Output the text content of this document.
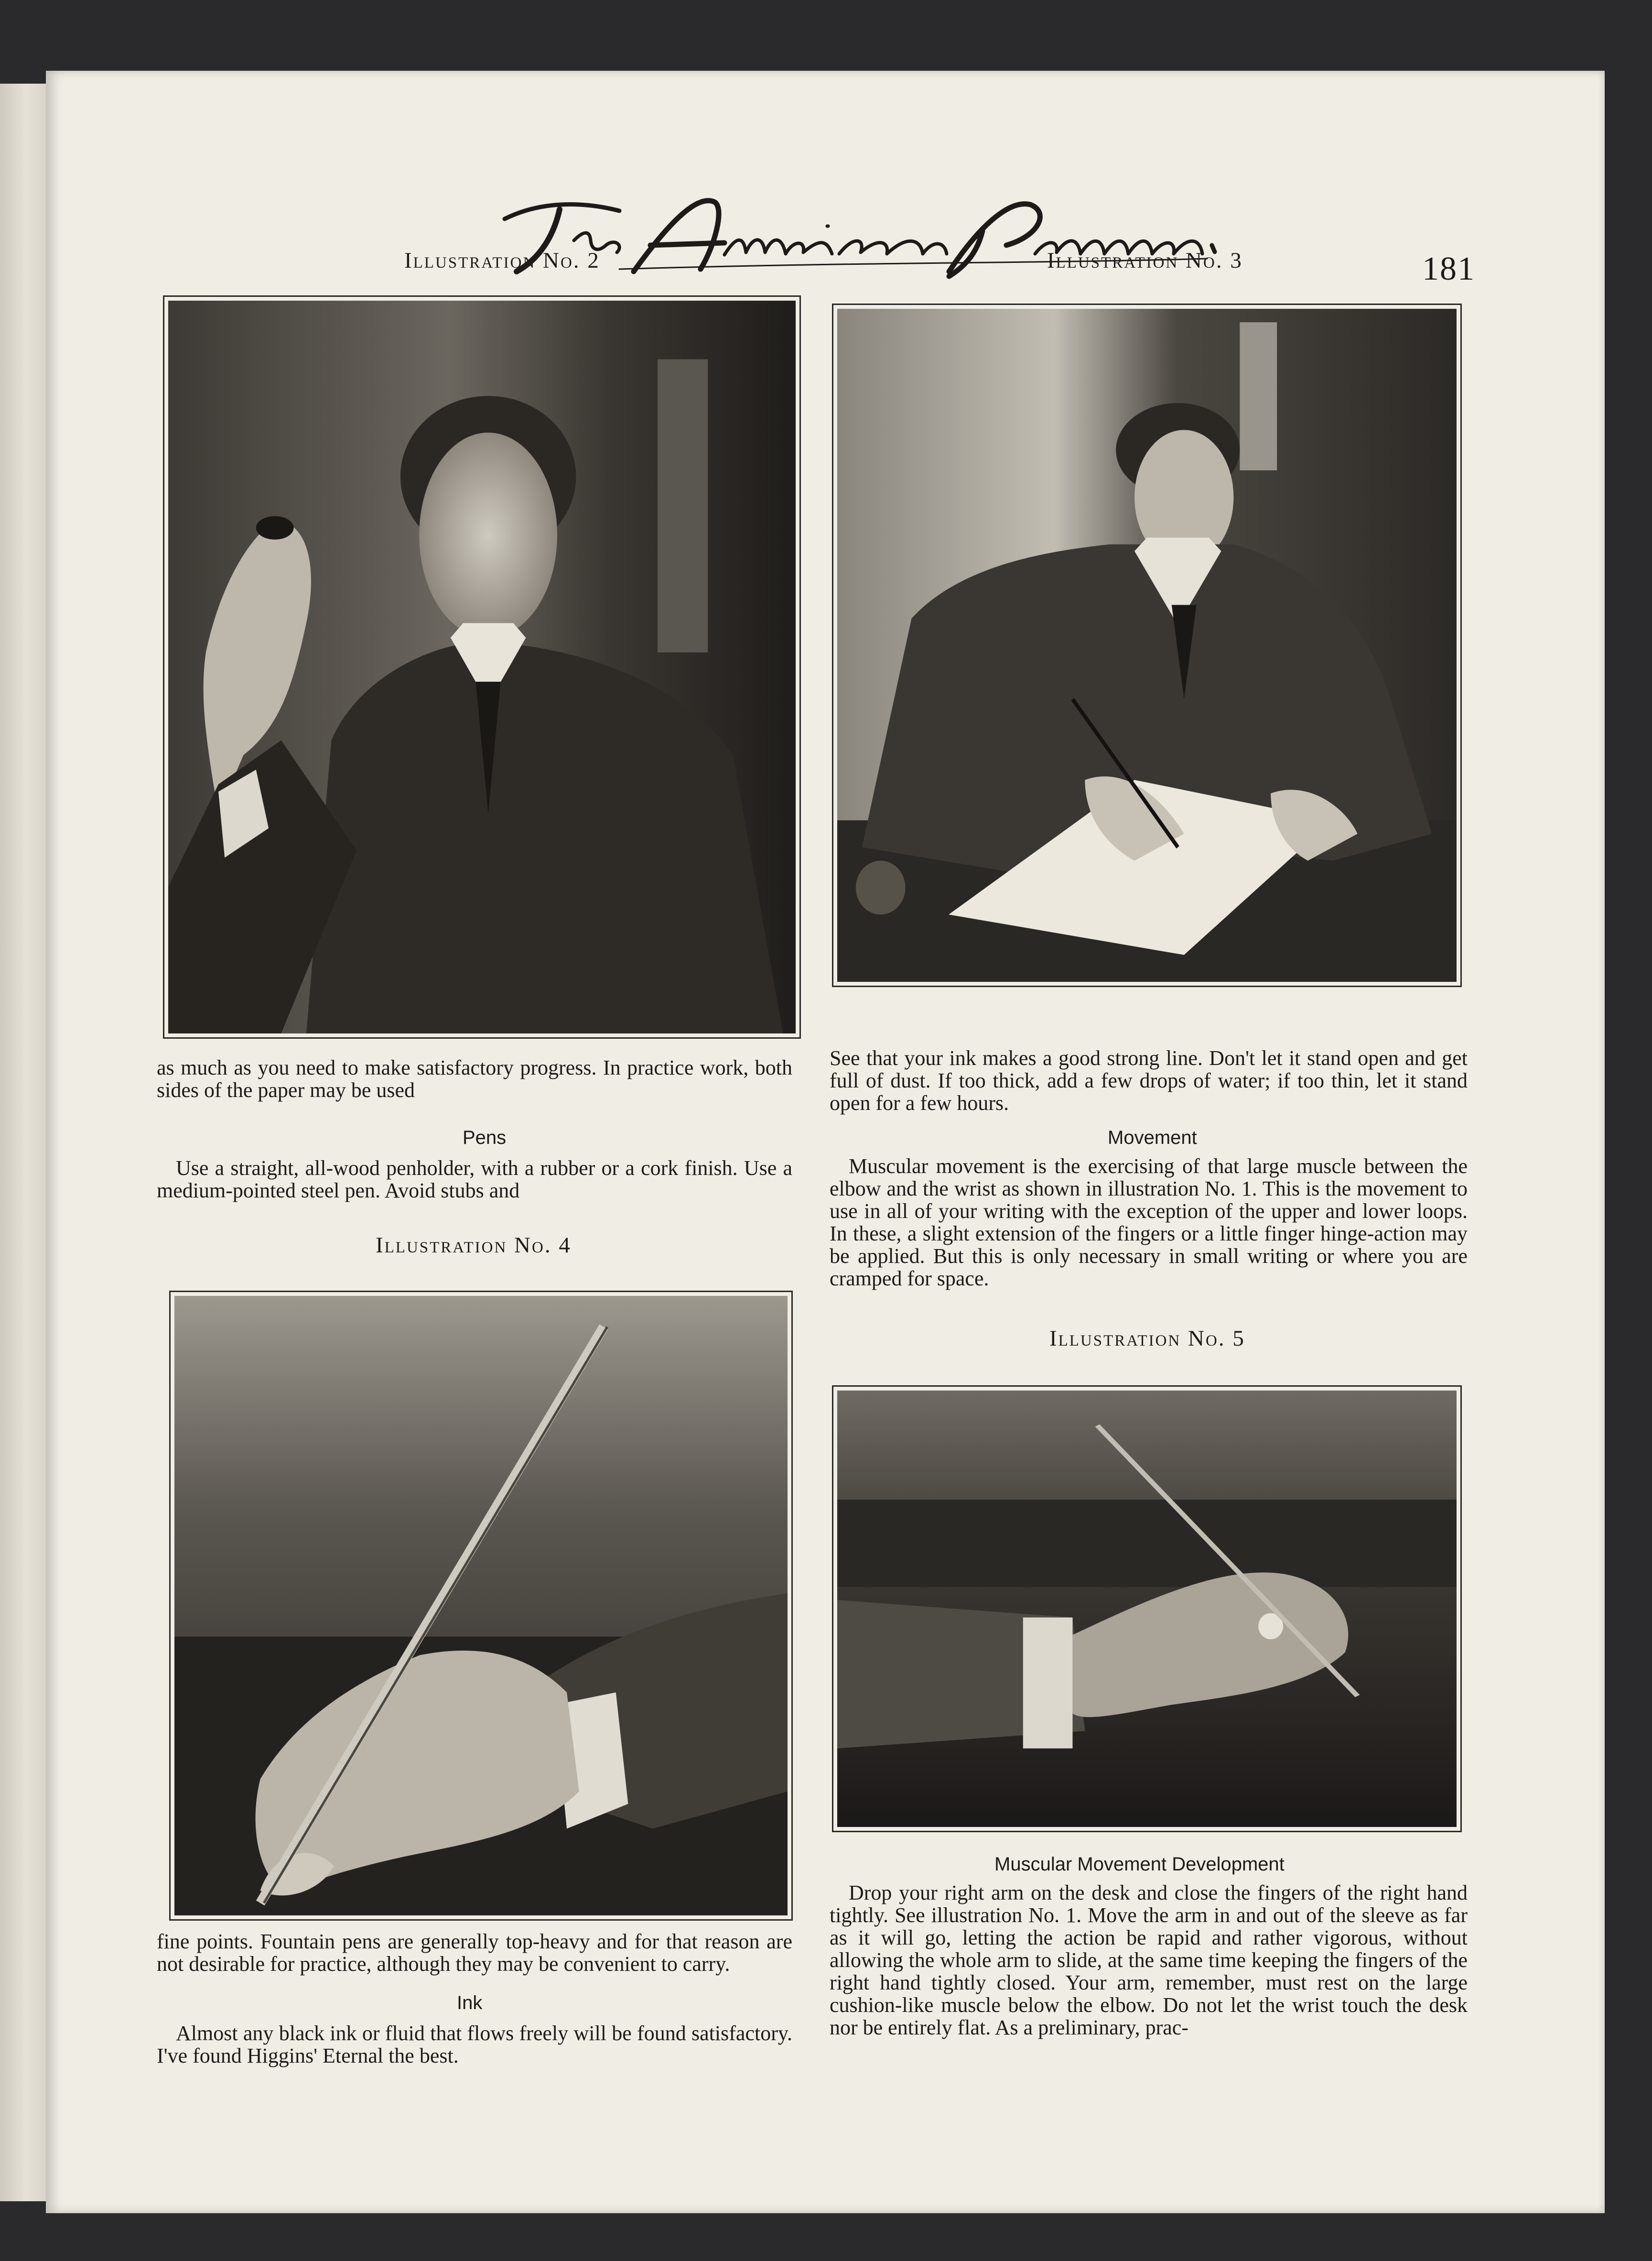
181
Illustration No. 2	Illustration No. 3
Illustration No. 4
Illustration No. 5

as much as you need to make satisfactory progress. In practice work, both sides of the paper may be used

Pens

Use a straight, all-wood penholder, with a rubber or a cork finish. Use a medium-pointed steel pen. Avoid stubs and

fine points. Fountain pens are generally top-heavy and for that reason are not desirable for practice, although they may be convenient to carry.

Ink

Almost any black ink or fluid that flows freely will be found satisfactory. I've found Higgins' Eternal the best.

See that your ink makes a good strong line. Don't let it stand open and get full of dust. If too thick, add a few drops of water; if too thin, let it stand open for a few hours.

Movement

Muscular movement is the exercising of that large muscle between the elbow and the wrist as shown in illustration No. 1. This is the movement to use in all of your writing with the exception of the upper and lower loops. In these, a slight extension of the fingers or a little finger hinge-action may be applied. But this is only necessary in small writing or where you are cramped for space.

Muscular Movement Development

Drop your right arm on the desk and close the fingers of the right hand tightly. See illustration No. 1. Move the arm in and out of the sleeve as far as it will go, letting the action be rapid and rather vigorous, without allowing the whole arm to slide, at the same time keeping the fingers of the right hand tightly closed. Your arm, remember, must rest on the large cushion-like muscle below the elbow. Do not let the wrist touch the desk nor be entirely flat. As a preliminary, prac-
